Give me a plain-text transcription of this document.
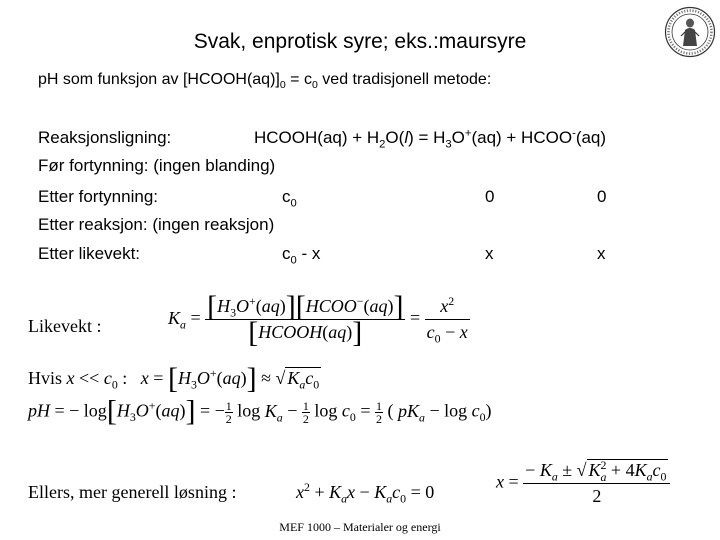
Svak, enprotisk syre; eks.:maursyre
pH som funksjon av $[HCOOH(aq)]_0 = c_0$ ved tradisjonell metode:
Reaksjonsligning:	HCOOH(aq) + $H_2O(l) = H_3O^+(aq)$ + HCOO-(aq)
Før fortynning: (ingen blanding)
Etter fortynning:	$c_0$	0	0
Etter reaksjon: (ingen reaksjon)
Etter likevekt:	$c_0$ - x	x	x
Likevekt :	$K_a = \frac{[H_3O^+(aq)][HCOO^-(aq)]}{\text{[HCOOH(aq)]}} = \frac{x^2}{c_0 - x}$
Hvis $x << c_0$ :   $x = [H_3O^+(aq)]$ ≈ √ $K_ac_0$
pH = − $\log[H_3O^+(aq)]$ = − $\frac{1}{2}$ $\log K_a - \frac{1}{2}$ $\log c_0 = \frac{1}{2}$ ( $pK_a - \log c_0$)
Ellers, mer generell løsning :	$x^2 + K_ax - K_ac_0 = 0$
$x = \frac{- K_a \pm √ K^2_a + 4K_ac_0}{2}$
MEF 1000 – Materialer og energi
